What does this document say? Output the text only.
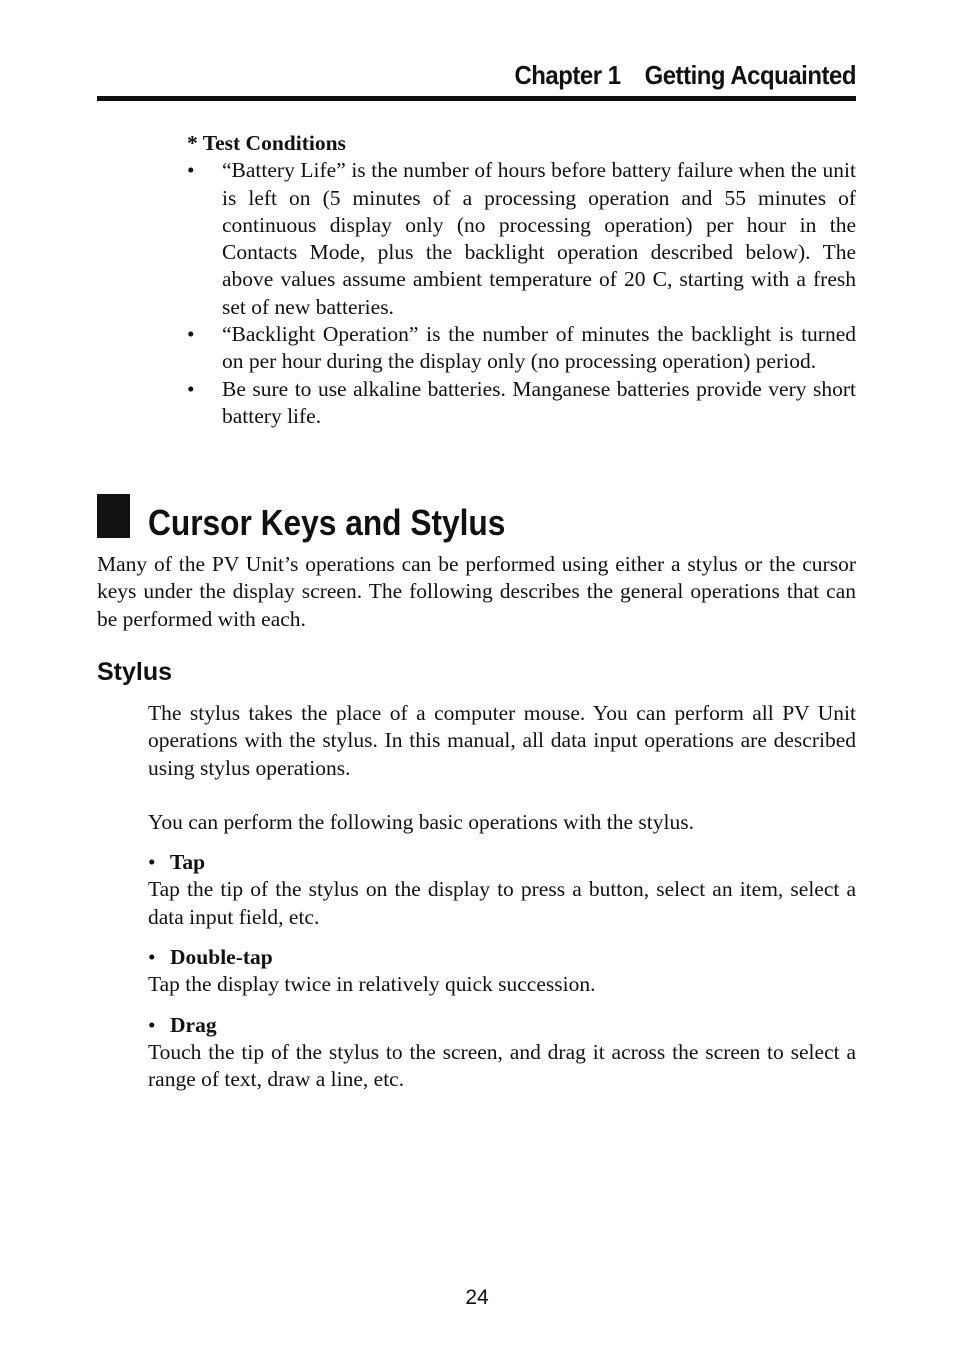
Chapter 1 Getting Acquainted
* Test Conditions
• “Battery Life” is the number of hours before battery failure when the unit is left on (5 minutes of a processing operation and 55 minutes of continuous display only (no processing operation) per hour in the Contacts Mode, plus the backlight operation described below). The above values assume ambient temperature of 20 C, starting with a fresh set of new batteries.
• “Backlight Operation” is the number of minutes the backlight is turned on per hour during the display only (no processing operation) period.
• Be sure to use alkaline batteries. Manganese batteries provide very short battery life.
Cursor Keys and Stylus
Many of the PV Unit’s operations can be performed using either a stylus or the cursor keys under the display screen. The following describes the general operations that can be performed with each.
Stylus

The stylus takes the place of a computer mouse. You can perform all PV Unit operations with the stylus. In this manual, all data input operations are described using stylus operations.

You can perform the following basic operations with the stylus.

• Tap

Tap the tip of the stylus on the display to press a button, select an item, select a data input field, etc.

• Double-tap

Tap the display twice in relatively quick succession.

• Drag

Touch the tip of the stylus to the screen, and drag it across the screen to select a range of text, draw a line, etc.

24
